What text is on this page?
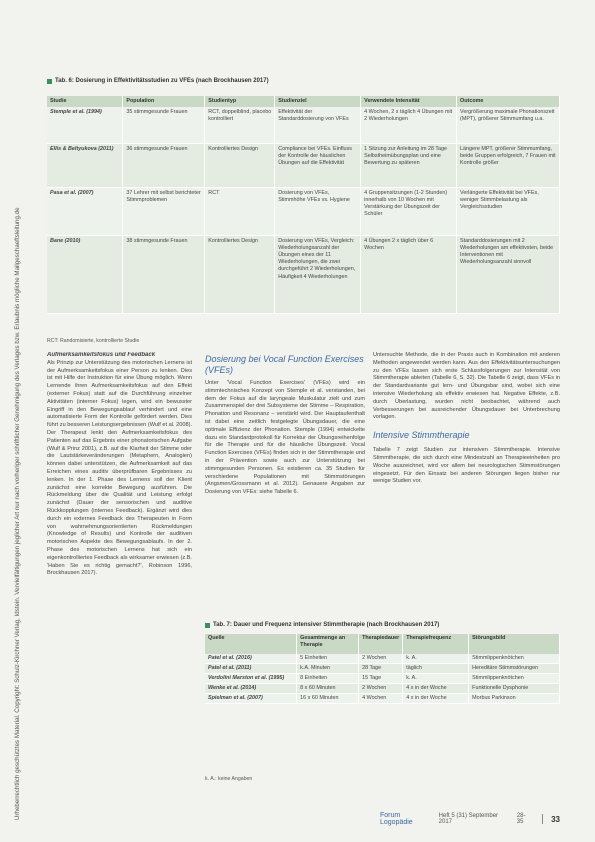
Urheberrechtlich geschütztes Material. Copyright: Schulz-Kirchner Verlag, Idstein. Vervielfältigungen jeglicher Art nur nach vorheriger schriftlicher Genehmigung des Verlages bzw. Erlaubnis mögliche Mailgeschaeftsleitung.de
Tab. 6: Dosierung in Effektivitätsstudien zu VFEs (nach Brockhausen 2017)
Studie	Population	Studientyp	Studienziel	Verwendete Intensität	Outcome
Stemple et al. (1994)	35 stimmgesunde Frauen	RCT, doppelblind, placebo kontrolliert	Effektivität der Standarddosierung von VFEs	4 Wochen, 2 x täglich 4 Übungen mit 2 Wiederholungen	Vergrößerung maximale Phonationszeit (MPT), größerer Stimmumfang u.a.
Ellis & Beltyukova (2011)	36 stimmgesunde Frauen	Kontrolliertes Design	Compliance bei VFEs. Einfluss der Kontrolle der häuslichen Übungen auf die Effektivität	1 Sitzung zur Anleitung im 28 Tage Selbstheimübungsplan und eine Bewertung zu späteren	Längere MPT, größerer Stimmumfang, beide Gruppen erfolgreich, 7 Frauen mit Kontrolle größer
Pasa et al. (2007)	37 Lehrer mit selbst berichteter Stimmproblemen	RCT	Dosierung von VFEs, Stimmhöhe VFEs vs. Hygiene	4 Gruppensitzungen (1-2 Stunden) innerhalb von 10 Wochen mit Verstärkung der Übungszeit der Schüler	Verlängerte Effektivität bei VFEs, weniger Stimmbelastung als Vergleichsstudien
Bane (2010)	38 stimmgesunde Frauen	Kontrolliertes Design	Dosierung von VFEs, Vergleich: Wiederholungsanzahl der Übungen eines der 11 Wiederholungen, die zwei durchgeführt 2 Wiederholungen, Häufigkeit 4 Wiederholungen	4 Übungen 2 x täglich über 6 Wochen	Standarddosierungen mit 2 Wiederholungen am effektivsten, beide Interventionen mit Wiederholungsanzahl sinnvoll
RCT: Randomisierte, kontrollierte Studie
Aufmerksamkeitsfokus und Feedback

Als Prinzip zur Unterstützung des motorischen Lernens ist der Aufmerksamkeitsfokus einer Person zu lenken. Dies ist mit Hilfe der Instruktion für eine Übung möglich. Wenn Lernende ihren Aufmerksamkeitsfokus auf den Effekt (externer Fokus) statt auf die Durchführung einzelner Aktivitäten (interner Fokus) legen, wird ein bewusster Eingriff in den Bewegungsablauf verhindert und eine automatisierte Form der Kontrolle gefördert werden. Dies führt zu besseren Leistungsergebnissen (Wulf et al. 2008). Der Therapeut lenkt den Aufmerksamkeitsfokus des Patienten auf das Ergebnis einer phonatorischen Aufgabe (Wulf & Prinz 2001), z.B. auf die Klarheit der Stimme oder die Lautstärkeveränderungen (Metaphern, Analogien) können dabei unterstützen, die Aufmerksamkeit auf das Erreichen eines auditiv überprüfbaren Ergebnisses zu lenken. In der 1. Phase des Lernens soll der Klient zunächst eine korrekte Bewegung ausführen. Die Rückmeldung über die Qualität und Leistung erfolgt zunächst (Dauer der sensorischen und auditive Rückkopplungen (internes Feedback). Ergänzt wird dies durch ein externes Feedback des Therapeuten in Form von wahrnehmungsorientierten Rückmeldungen (Knowledge of Results) und Kontrolle der auditiven motorischen Aspekte des Bewegungsablaufs. In der 2. Phase des motorischen Lernens hat sich ein eigenkontrolliertes Feedback als wirksamer erwiesen (z.B. 'Haben Sie es richtig gemacht?', Robinson 1996, Brockhausen 2017).

Dosierung bei Vocal Function Exercises (VFEs)

Unter 'Vocal Function Exercises' (VFEs) wird ein stimmtechnisches Konzept von Stemple et al. verstanden, bei dem der Fokus auf die laryngeale Muskulatur zielt und zum Zusammenspiel der drei Subsysteme der Stimme – Respiration, Phonation und Resonanz – verstärkt wird. Der Hauptaufenthalt ist dabei eine zeitlich festgelegte Übungsdauer, die eine optimale Effizienz der Phonation. Stemple (1994) entwickelte dazu ein Standardprotokoll für Korrektur der Übungsreihenfolge für die Therapie und für die häusliche Übungszeit. Vocal Function Exercises (VFEs) finden sich in der Stimmtherapie und in der Prävention sowie auch zur Unterstützung bei stimmgesunden Personen. Es existieren ca. 35 Studien für verschiedene Populationen mit Stimmstörungen (Angsmen/Grossmann et al. 2012). Genauere Angaben zur Dosierung von VFEs: siehe Tabelle 6.

Untersuchte Methode, die in der Praxis auch in Kombination mit anderen Methoden angewendet werden kann. Aus den Effektivitätsuntersuchungen zu den VFEs lassen sich erste Schlussfolgerungen zur Intensität von Stimmtherapie ableiten (Tabelle 6, S. 32). Die Tabelle 6 zeigt, dass VFEs in der Standardvariante gut lern- und Übungsbar sind, wobei sich eine intensive Wiederholung als effektiv erwiesen hat. Negative Effekte, z.B. durch Überlastung, wurden nicht beobachtet, während auch Verbesserungen bei ausreichender Übungsdauer bei Unterbrechung vorlagen.

Intensive Stimmtherapie

Tabelle 7 zeigt Studien zur intensiven Stimmtherapie. Intensive Stimmtherapie, die sich durch eine Mindestzahl an Therapieeinheiten pro Woche auszeichnet, wird vor allem bei neurologischen Stimmstörungen eingesetzt. Für den Einsatz bei anderen Störungen liegen bisher nur wenige Studien vor.

Tab. 7: Dauer und Frequenz intensiver Stimmtherapie (nach Brockhausen 2017)
Quelle	Gesamtmenge an Therapie	Therapiedauer	Therapiefrequenz	Störungsbild
Patel et al. (2016)	5 Einheiten	2 Wochen	k. A.	Stimmlippenknötchen
Patel et al. (2011)	k.A. Minuten	28 Tage	täglich	Hereditäre Stimmstörungen
Verdolini Marston et al. (1995)	8 Einheiten	15 Tage	k. A.	Stimmlippenknötchen
Wenke et al. (2014)	8 x 60 Minuten	2 Wochen	4 x in der Woche	Funktionelle Dysphonie
Spielman et al. (2007)	16 x 60 Minuten	4 Wochen	4 x in der Woche	Morbus Parkinson
k. A.: keine Angaben
Forum Logopädie
Heft 5 (31) September 2017
28-35	33
